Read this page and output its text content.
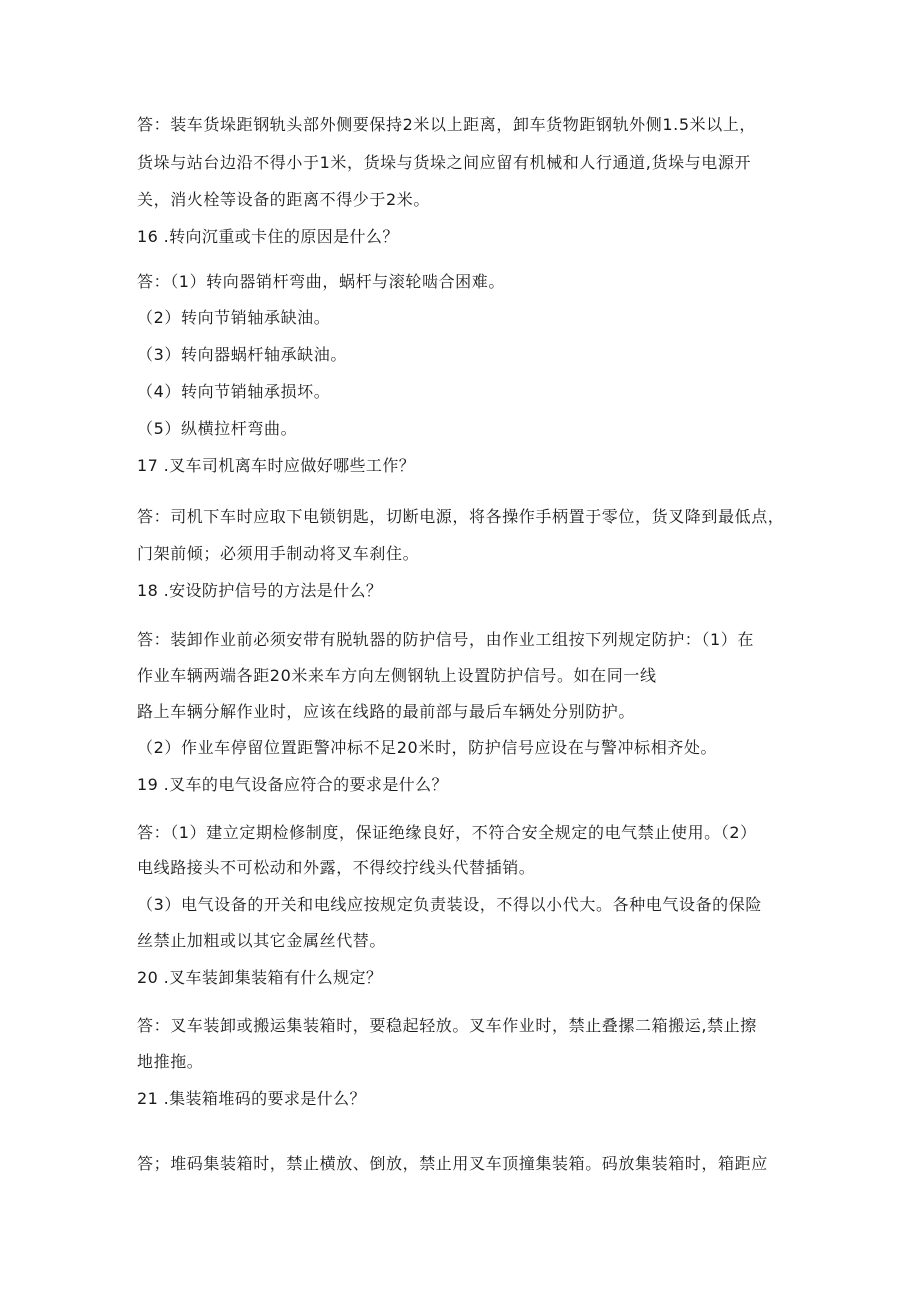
答：装车货垛距钢轨头部外侧要保持2米以上距离，卸车货物距钢轨外侧1.5米以上，
货垛与站台边沿不得小于1米，货垛与货垛之间应留有机械和人行通道,货垛与电源开
关，消火栓等设备的距离不得少于2米。
16 .转向沉重或卡住的原因是什么？
答：（1）转向器销杆弯曲，蜗杆与滚轮啮合困难。
（2）转向节销轴承缺油。
（3）转向器蜗杆轴承缺油。
（4）转向节销轴承损坏。
（5）纵横拉杆弯曲。
17 .叉车司机离车时应做好哪些工作？
答：司机下车时应取下电锁钥匙，切断电源，将各操作手柄置于零位，货叉降到最低点，
门架前倾；必须用手制动将叉车刹住。
18 .安设防护信号的方法是什么？
答：装卸作业前必须安带有脱轨器的防护信号，由作业工组按下列规定防护：（1）在
作业车辆两端各距20米来车方向左侧钢轨上设置防护信号。如在同一线
路上车辆分解作业时，应该在线路的最前部与最后车辆处分别防护。
（2）作业车停留位置距警冲标不足20米时，防护信号应设在与警冲标相齐处。
19 .叉车的电气设备应符合的要求是什么？
答：（1）建立定期检修制度，保证绝缘良好，不符合安全规定的电气禁止使用。（2）
电线路接头不可松动和外露，不得绞拧线头代替插销。
（3）电气设备的开关和电线应按规定负责装设，不得以小代大。各种电气设备的保险
丝禁止加粗或以其它金属丝代替。
20 .叉车装卸集装箱有什么规定？
答：叉车装卸或搬运集装箱时，要稳起轻放。叉车作业时，禁止叠摞二箱搬运,禁止擦
地推拖。
21 .集装箱堆码的要求是什么？
答；堆码集装箱时，禁止横放、倒放，禁止用叉车顶撞集装箱。码放集装箱时，箱距应
